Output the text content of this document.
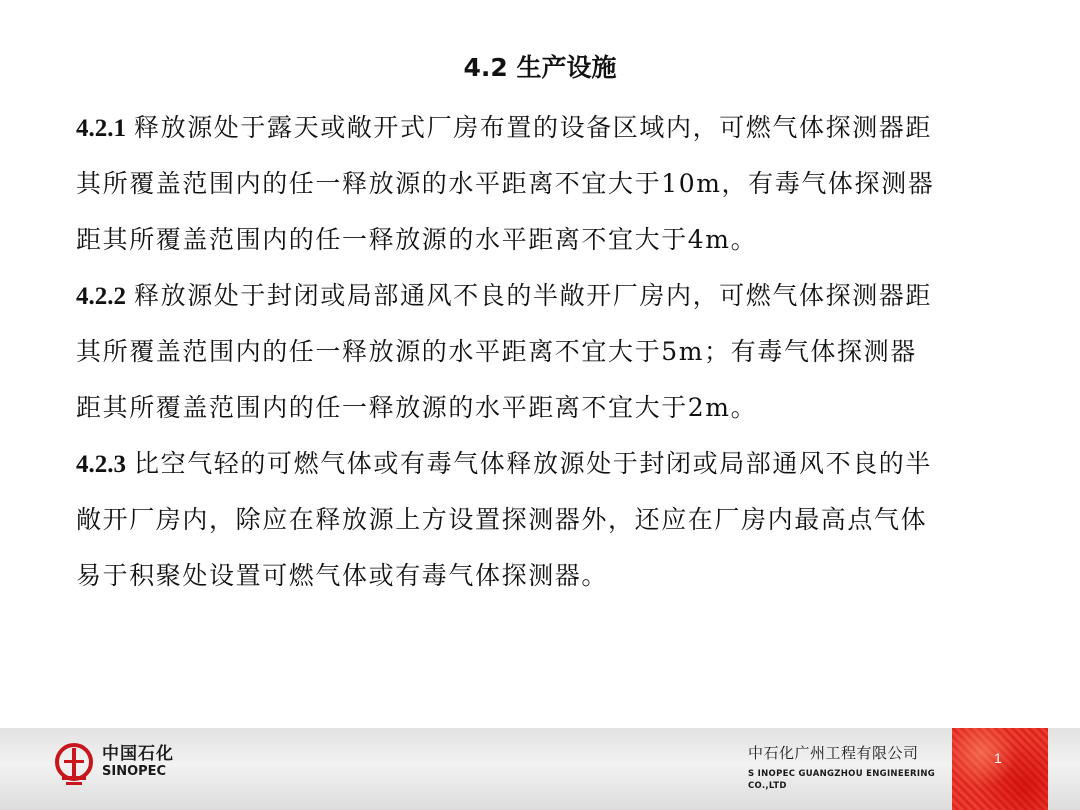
4.2 生产设施
4.2.1 释放源处于露天或敞开式厂房布置的设备区域内，可燃气体探测器距
其所覆盖范围内的任一释放源的水平距离不宜大于10m，有毒气体探测器
距其所覆盖范围内的任一释放源的水平距离不宜大于4m。
4.2.2 释放源处于封闭或局部通风不良的半敞开厂房内，可燃气体探测器距
其所覆盖范围内的任一释放源的水平距离不宜大于5m；有毒气体探测器
距其所覆盖范围内的任一释放源的水平距离不宜大于2m。
4.2.3 比空气轻的可燃气体或有毒气体释放源处于封闭或局部通风不良的半
敞开厂房内，除应在释放源上方设置探测器外，还应在厂房内最高点气体
易于积聚处设置可燃气体或有毒气体探测器。
中国石化
SINOPEC
中石化广州工程有限公司
S INOPEC GUANGZHOU ENGINEERING CO.,LTD
1
